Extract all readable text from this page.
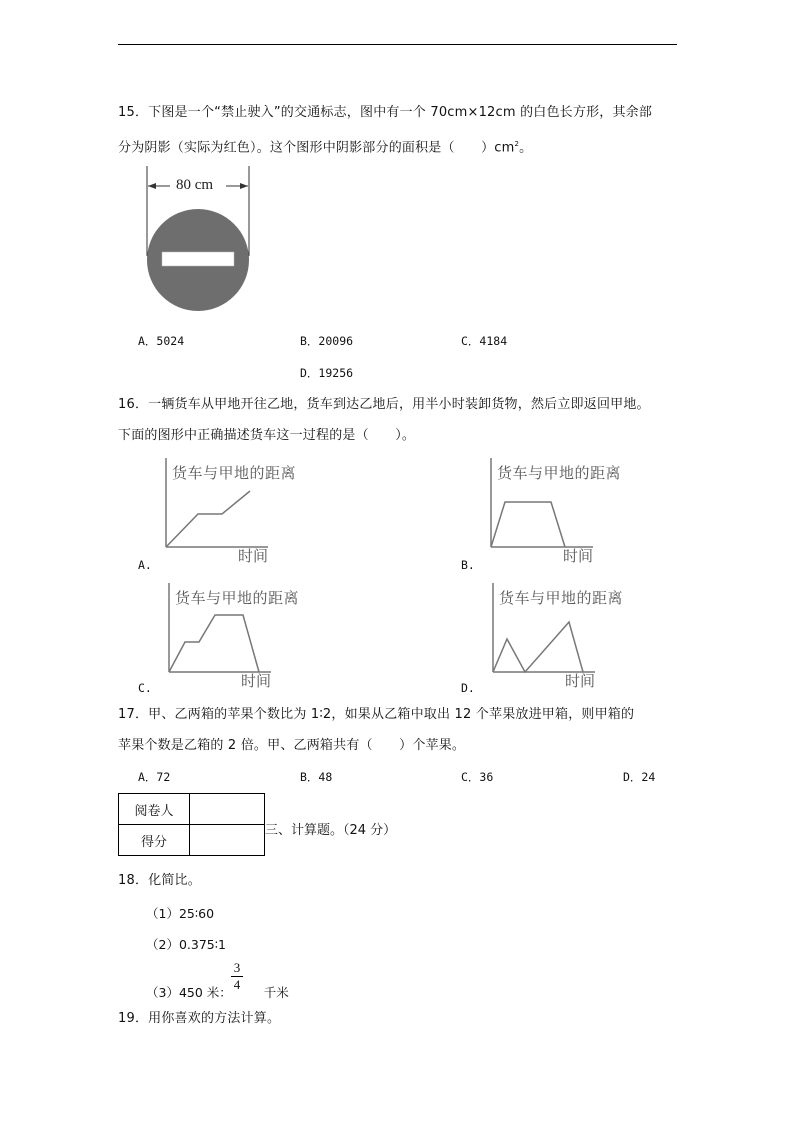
15．下图是一个“禁止驶入”的交通标志，图中有一个 70cm×12cm 的白色长方形，其余部
分为阴影（实际为红色）。这个图形中阴影部分的面积是（　　）$cm^2$。
80 cm
A．5024	B．20096	C．4184
D．19256
16．一辆货车从甲地开往乙地，货车到达乙地后，用半小时装卸货物，然后立即返回甲地。
下面的图形中正确描述货车这一过程的是（　　）。
货车与甲地的距离
时间
A.
货车与甲地的距离
时间
B.
货车与甲地的距离
时间
C.
货车与甲地的距离
时间
D.
17．甲、乙两箱的苹果个数比为 1∶2，如果从乙箱中取出 12 个苹果放进甲箱，则甲箱的
苹果个数是乙箱的 2 倍。甲、乙两箱共有（　　）个苹果。
A．72	B．48	C．36	D．24
阅卷人	
得分	
三、计算题。（24 分）
18．化简比。
（1）25∶60
（2）0.375∶1
（3）450 米：	千米
3
4
19．用你喜欢的方法计算。
